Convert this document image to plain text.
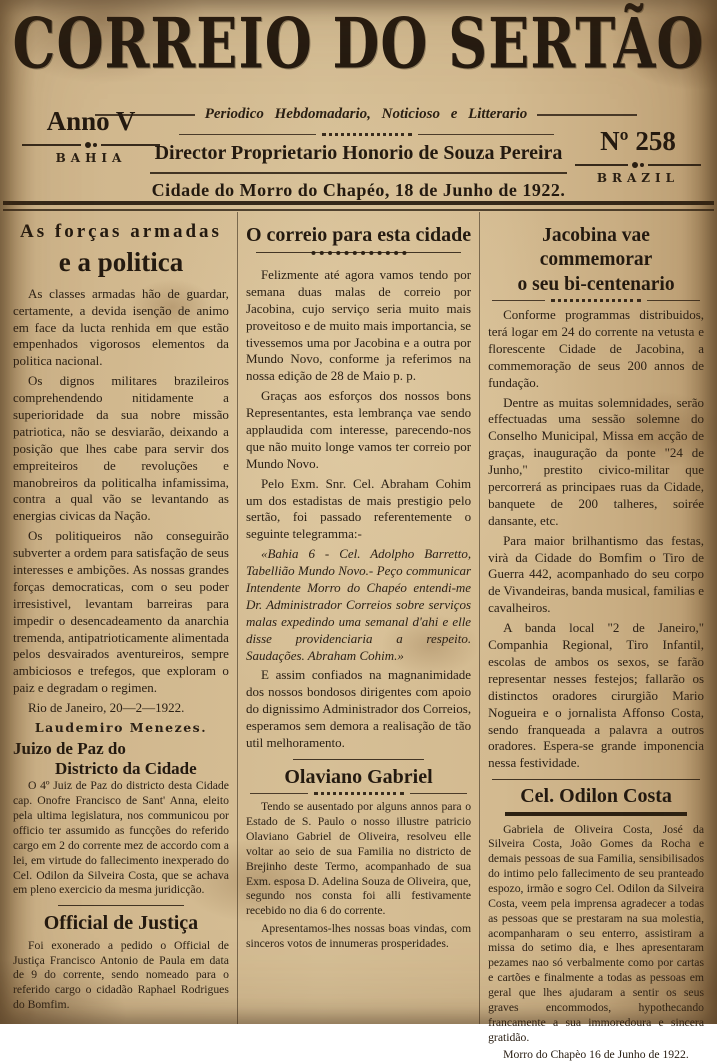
CORREIO DO SERTÃO
Periodico Hebdomadario, Noticioso e Litterario
Anno V
BAHIA
Nº 258
BRAZIL
Director Proprietario Honorio de Souza Pereira
Cidade do Morro do Chapéo, 18 de Junho de 1922.
As forças armadas
e a politica

As classes armadas hão de guardar, certamente, a devida isenção de animo em face da lucta renhida em que estão empenhados vigorosos elementos da politica nacional.

Os dignos militares brazileiros comprehendendo nitidamente a superioridade da sua nobre missão patriotica, não se desviarão, deixando a posição que lhes cabe para servir dos empreiteiros de revoluções e manobreiros da politicalha infamissima, contra a qual vão se levantando as energias civicas da Nação.

Os politiqueiros não conseguirão subverter a ordem para satisfação de seus interesses e ambições. As nossas grandes forças democraticas, com o seu poder irresistivel, levantam barreiras para impedir o desencadeamento da anarchia tremenda, antipatrioticamente alimentada pelos desvairados aventureiros, sempre ambiciosos e trefegos, que exploram o paiz e degradam o regimen.

Rio de Janeiro, 20—2—1922.

Laudemiro Menezes.

Juizo de Paz do
Districto da Cidade

O 4º Juiz de Paz do districto desta Cidade cap. Onofre Francisco de Sant' Anna, eleito pela ultima legislatura, nos communicou por officio ter assumido as funcções do referido cargo em 2 do corrente mez de accordo com a lei, em virtude do fallecimento inexperado do Cel. Odilon da Silveira Costa, que se achava em pleno exercicio da mesma juridicção.

Official de Justiça

Foi exonerado a pedido o Official de Justiça Francisco Antonio de Paula em data de 9 do corrente, sendo nomeado para o referido cargo o cidadão Raphael Rodrigues do Bomfim.

O correio para esta cidade

Felizmente até agora vamos tendo por semana duas malas de correio por Jacobina, cujo serviço seria muito mais proveitoso e de muito mais importancia, se tivessemos uma por Jacobina e a outra por Mundo Novo, conforme ja referimos na nossa edição de 28 de Maio p. p.

Graças aos esforços dos nossos bons Representantes, esta lembrança vae sendo applaudida com interesse, parecendo-nos que não muito longe vamos ter correio por Mundo Novo.

Pelo Exm. Snr. Cel. Abraham Cohim um dos estadistas de mais prestigio pelo sertão, foi passado referentemente o seguinte telegramma:-

«Bahia 6 - Cel. Adolpho Barretto, Tabellião Mundo Novo.- Peço communicar Intendente Morro do Chapéo entendi-me Dr. Administrador Correios sobre serviços malas expedindo uma semanal d'ahi e elle disse providenciaria a respeito. Saudações. Abraham Cohim.»

E assim confiados na magnanimidade dos nossos bondosos dirigentes com apoio do dignissimo Administrador dos Correios, esperamos sem demora a realisação de tão util melhoramento.

Olaviano Gabriel

Tendo se ausentado por alguns annos para o Estado de S. Paulo o nosso illustre patricio Olaviano Gabriel de Oliveira, resolveu elle voltar ao seio de sua Familia no districto de Brejinho deste Termo, acompanhado de sua Exm. esposa D. Adelina Souza de Oliveira, que, segundo nos consta foi alli festivamente recebido no dia 6 do corrente.

Apresentamos-lhes nossas boas vindas, com sinceros votos de innumeras prosperidades.

Jacobina vae commemorar
o seu bi-centenario

Conforme programmas distribuidos, terá logar em 24 do corrente na vetusta e florescente Cidade de Jacobina, a commemoração de seus 200 annos de fundação.

Dentre as muitas solemnidades, serão effectuadas uma sessão solemne do Conselho Municipal, Missa em acção de graças, inauguração da ponte "24 de Junho," prestito civico-militar que percorrerá as principaes ruas da Cidade, banquete de 200 talheres, soirée dansante, etc.

Para maior brilhantismo das festas, virà da Cidade do Bomfim o Tiro de Guerra 442, acompanhado do seu corpo de Vivandeiras, banda musical, familias e cavalheiros.

A banda local "2 de Janeiro," Companhia Regional, Tiro Infantil, escolas de ambos os sexos, se farão representar nesses festejos; fallarão os distinctos oradores cirurgião Mario Nogueira e o jornalista Affonso Costa, sendo franqueada a palavra a outros oradores. Espera-se grande imponencia nessa festividade.

Cel. Odilon Costa

Gabriela de Oliveira Costa, José da Silveira Costa, João Gomes da Rocha e demais pessoas de sua Familia, sensibilisados do intimo pelo fallecimento de seu pranteado espozo, irmão e sogro Cel. Odilon da Silveira Costa, veem pela imprensa agradecer a todas as pessoas que se prestaram na sua molestia, acompanharam o seu enterro, assistiram a missa do setimo dia, e lhes apresentaram pezames nao só verbalmente como por cartas e cartões e finalmente a todas as pessoas em geral que lhes ajudaram a sentir os seus graves encommodos, hypothecando francamente a sua immoredoura e sincera gratidão.

Morro do Chapèo 16 de Junho de 1922.
